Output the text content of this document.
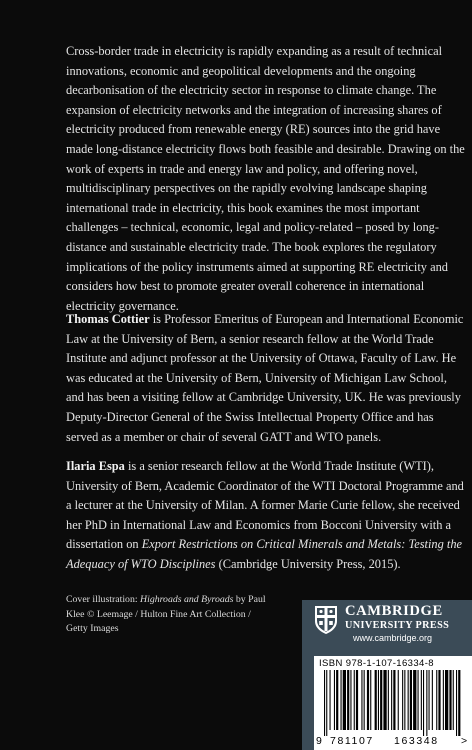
Cross-border trade in electricity is rapidly expanding as a result of technical innovations, economic and geopolitical developments and the ongoing decarbonisation of the electricity sector in response to climate change. The expansion of electricity networks and the integration of increasing shares of electricity produced from renewable energy (RE) sources into the grid have made long-distance electricity flows both feasible and desirable. Drawing on the work of experts in trade and energy law and policy, and offering novel, multidisciplinary perspectives on the rapidly evolving landscape shaping international trade in electricity, this book examines the most important challenges – technical, economic, legal and policy-related – posed by long-distance and sustainable electricity trade. The book explores the regulatory implications of the policy instruments aimed at supporting RE electricity and considers how best to promote greater overall coherence in international electricity governance.

Thomas Cottier is Professor Emeritus of European and International Economic Law at the University of Bern, a senior research fellow at the World Trade Institute and adjunct professor at the University of Ottawa, Faculty of Law. He was educated at the University of Bern, University of Michigan Law School, and has been a visiting fellow at Cambridge University, UK. He was previously Deputy-Director General of the Swiss Intellectual Property Office and has served as a member or chair of several GATT and WTO panels.

Ilaria Espa is a senior research fellow at the World Trade Institute (WTI), University of Bern, Academic Coordinator of the WTI Doctoral Programme and a lecturer at the University of Milan. A former Marie Curie fellow, she received her PhD in International Law and Economics from Bocconi University with a dissertation on Export Restrictions on Critical Minerals and Metals: Testing the Adequacy of WTO Disciplines (Cambridge University Press, 2015).

Cover illustration: Highroads and Byroads by Paul Klee © Leemage / Hulton Fine Art Collection / Getty Images

CAMBRIDGE
UNIVERSITY PRESS
www.cambridge.org
ISBN 978-1-107-16334-8
9 781107 163348 >
